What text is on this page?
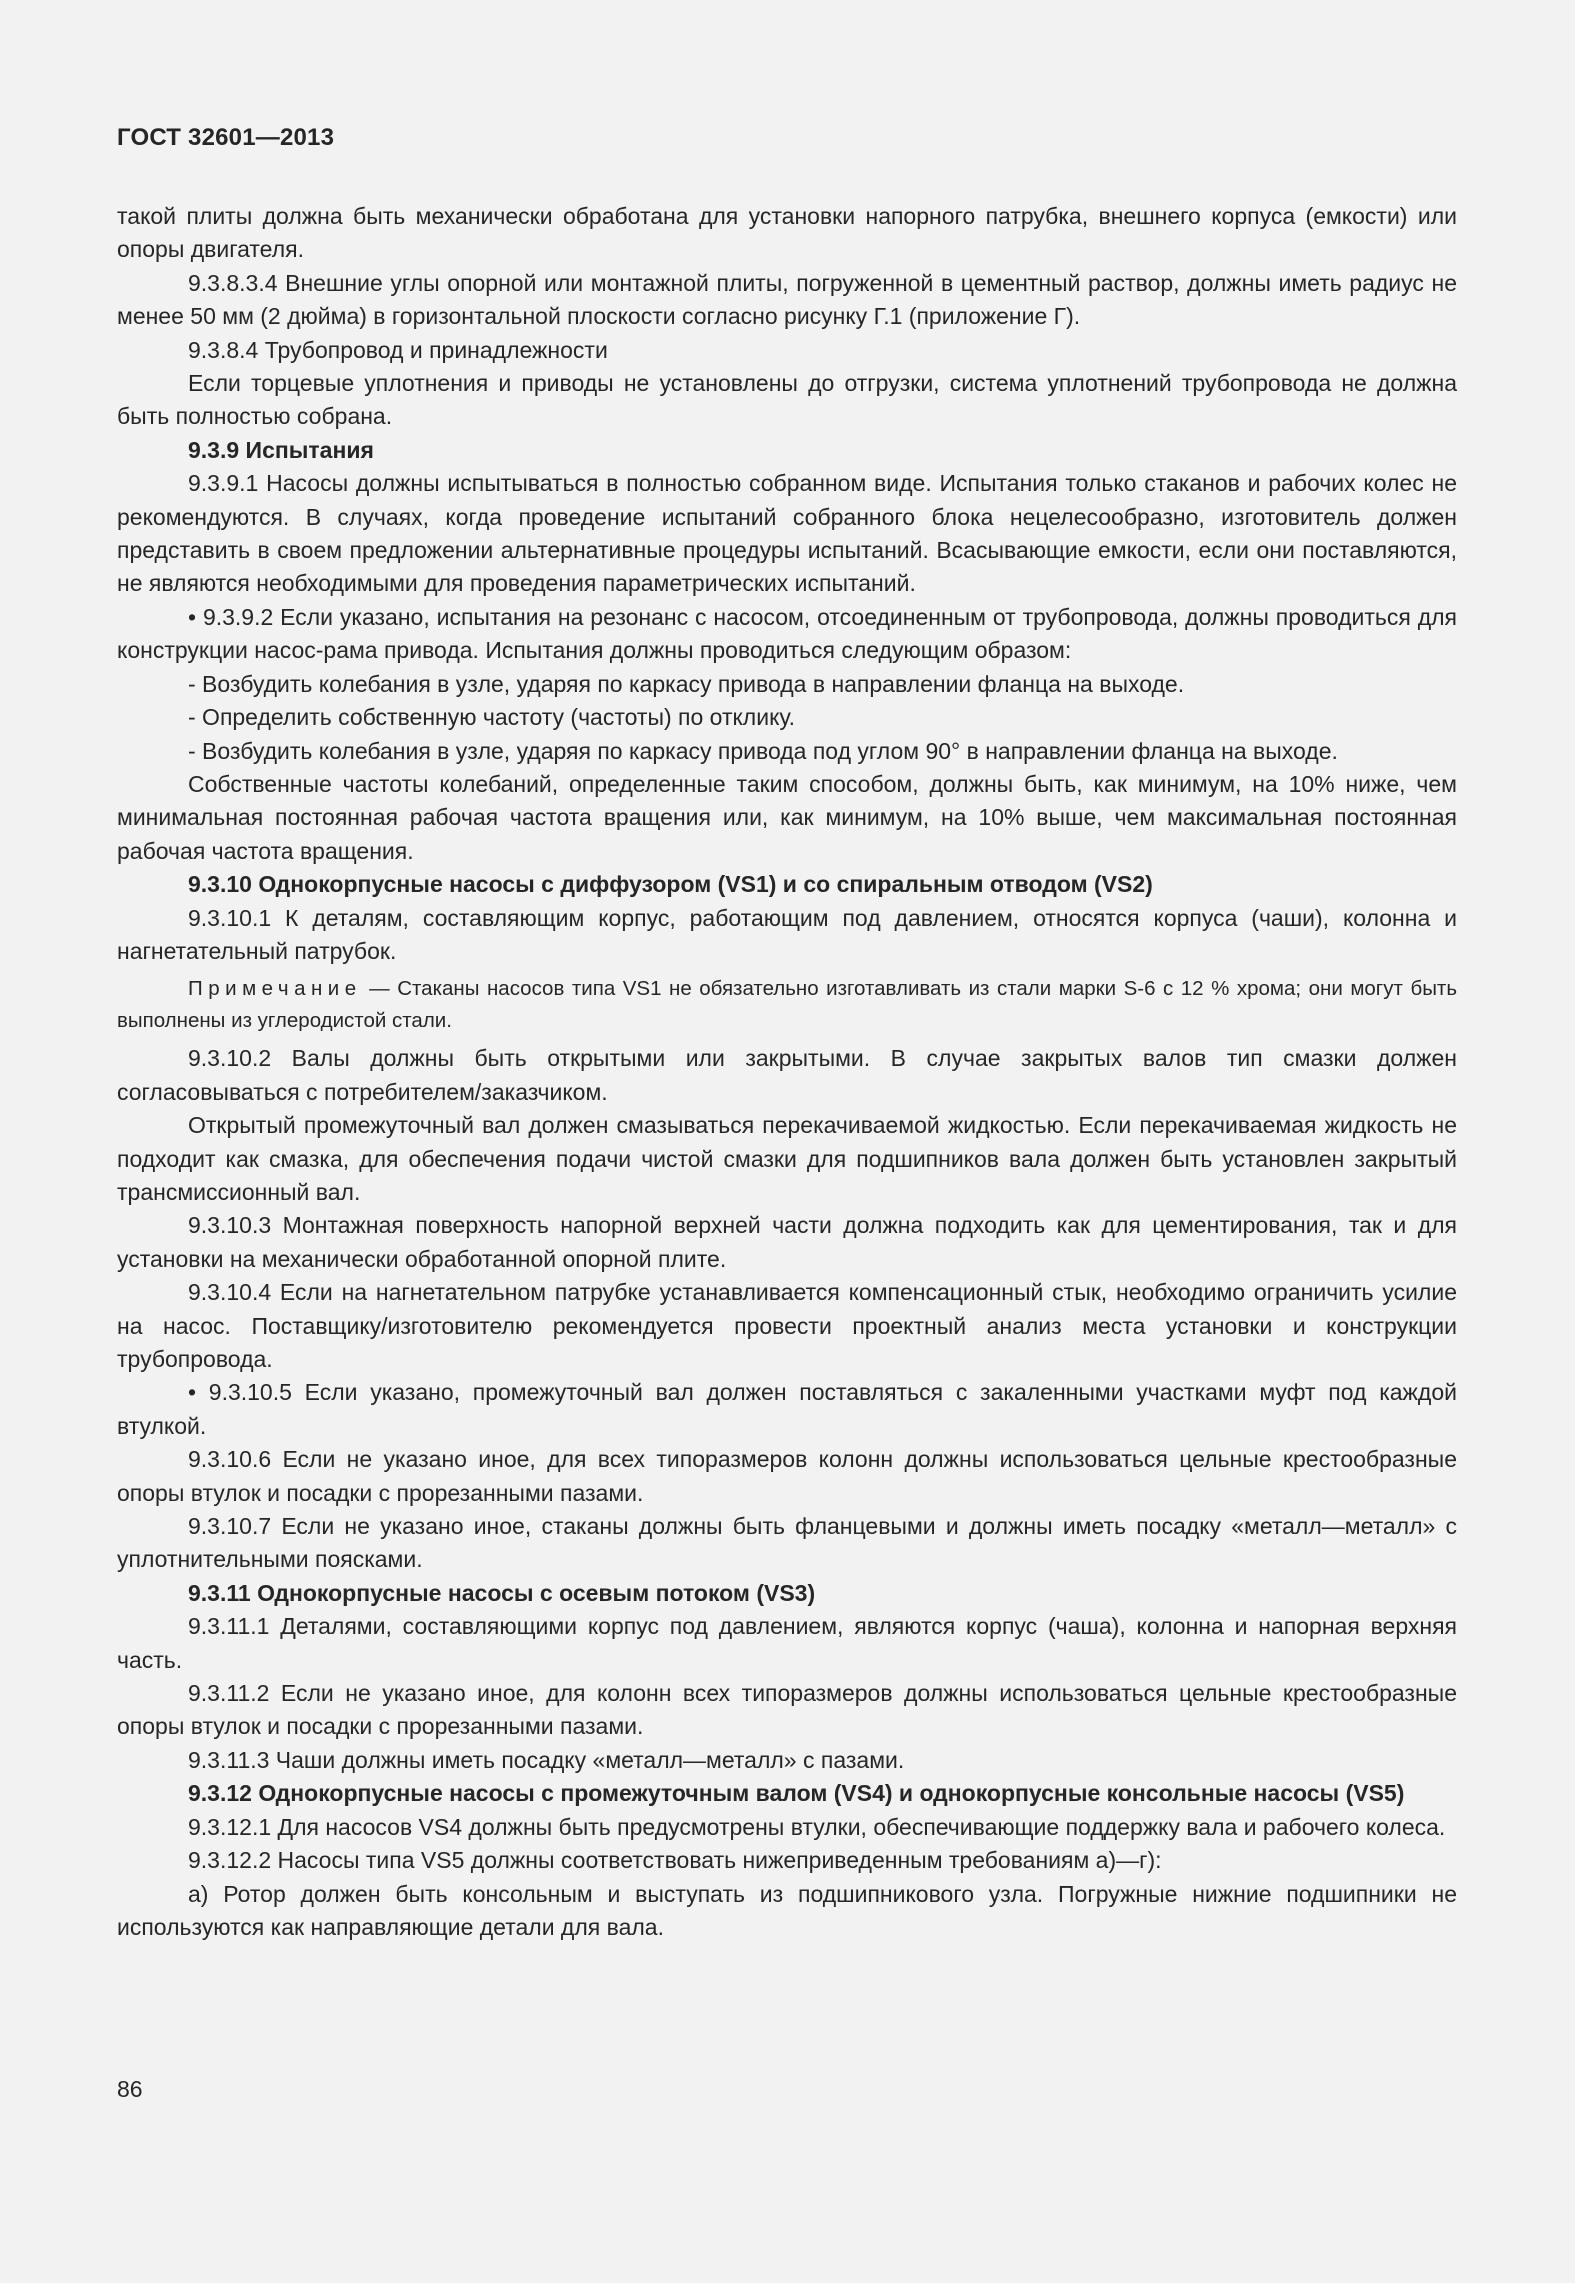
ГОСТ 32601—2013

такой плиты должна быть механически обработана для установки напорного патрубка, внешнего корпуса (емкости) или опоры двигателя.

9.3.8.3.4 Внешние углы опорной или монтажной плиты, погруженной в цементный раствор, должны иметь радиус не менее 50 мм (2 дюйма) в горизонтальной плоскости согласно рисунку Г.1 (приложение Г).

9.3.8.4 Трубопровод и принадлежности

Если торцевые уплотнения и приводы не установлены до отгрузки, система уплотнений трубопровода не должна быть полностью собрана.

9.3.9 Испытания

9.3.9.1 Насосы должны испытываться в полностью собранном виде. Испытания только стаканов и рабочих колес не рекомендуются. В случаях, когда проведение испытаний собранного блока нецелесообразно, изготовитель должен представить в своем предложении альтернативные процедуры испытаний. Всасывающие емкости, если они поставляются, не являются необходимыми для проведения параметрических испытаний.

• 9.3.9.2 Если указано, испытания на резонанс с насосом, отсоединенным от трубопровода, должны проводиться для конструкции насос-рама привода. Испытания должны проводиться следующим образом:

- Возбудить колебания в узле, ударяя по каркасу привода в направлении фланца на выходе.

- Определить собственную частоту (частоты) по отклику.

- Возбудить колебания в узле, ударяя по каркасу привода под углом 90° в направлении фланца на выходе.

Собственные частоты колебаний, определенные таким способом, должны быть, как минимум, на 10% ниже, чем минимальная постоянная рабочая частота вращения или, как минимум, на 10% выше, чем максимальная постоянная рабочая частота вращения.

9.3.10 Однокорпусные насосы с диффузором (VS1) и со спиральным отводом (VS2)

9.3.10.1 К деталям, составляющим корпус, работающим под давлением, относятся корпуса (чаши), колонна и нагнетательный патрубок.

Примечание — Стаканы насосов типа VS1 не обязательно изготавливать из стали марки S-6 с 12 % хрома; они могут быть выполнены из углеродистой стали.

9.3.10.2 Валы должны быть открытыми или закрытыми. В случае закрытых валов тип смазки должен согласовываться с потребителем/заказчиком.

Открытый промежуточный вал должен смазываться перекачиваемой жидкостью. Если перекачиваемая жидкость не подходит как смазка, для обеспечения подачи чистой смазки для подшипников вала должен быть установлен закрытый трансмиссионный вал.

9.3.10.3 Монтажная поверхность напорной верхней части должна подходить как для цементирования, так и для установки на механически обработанной опорной плите.

9.3.10.4 Если на нагнетательном патрубке устанавливается компенсационный стык, необходимо ограничить усилие на насос. Поставщику/изготовителю рекомендуется провести проектный анализ места установки и конструкции трубопровода.

• 9.3.10.5 Если указано, промежуточный вал должен поставляться с закаленными участками муфт под каждой втулкой.

9.3.10.6 Если не указано иное, для всех типоразмеров колонн должны использоваться цельные крестообразные опоры втулок и посадки с прорезанными пазами.

9.3.10.7 Если не указано иное, стаканы должны быть фланцевыми и должны иметь посадку «металл—металл» с уплотнительными поясками.

9.3.11 Однокорпусные насосы с осевым потоком (VS3)

9.3.11.1 Деталями, составляющими корпус под давлением, являются корпус (чаша), колонна и напорная верхняя часть.

9.3.11.2 Если не указано иное, для колонн всех типоразмеров должны использоваться цельные крестообразные опоры втулок и посадки с прорезанными пазами.

9.3.11.3 Чаши должны иметь посадку «металл—металл» с пазами.

9.3.12 Однокорпусные насосы с промежуточным валом (VS4) и однокорпусные консольные насосы (VS5)

9.3.12.1 Для насосов VS4 должны быть предусмотрены втулки, обеспечивающие поддержку вала и рабочего колеса.

9.3.12.2 Насосы типа VS5 должны соответствовать нижеприведенным требованиям а)—г):

а) Ротор должен быть консольным и выступать из подшипникового узла. Погружные нижние подшипники не используются как направляющие детали для вала.

86
